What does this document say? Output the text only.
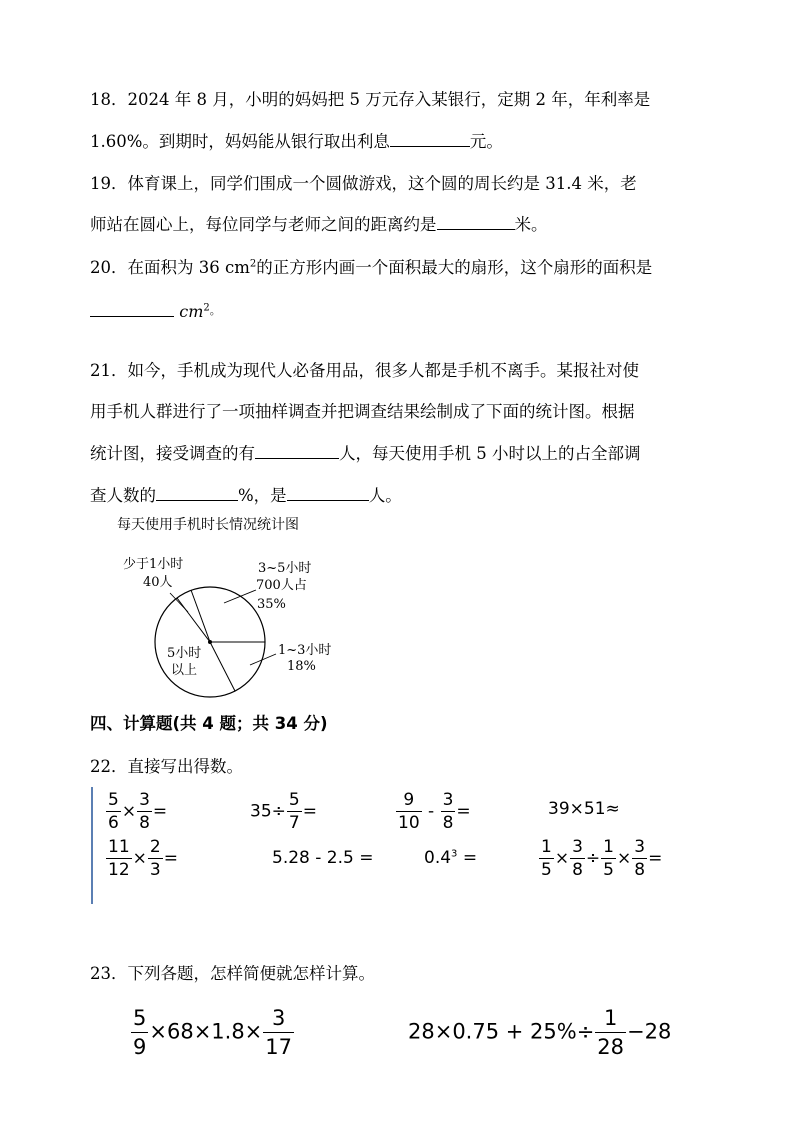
18．2024 年 8 月，小明的妈妈把 5 万元存入某银行，定期 2 年，年利率是
1.60%。到期时，妈妈能从银行取出利息	元。
19．体育课上，同学们围成一个圆做游戏，这个圆的周长约是 31.4 米，老
师站在圆心上，每位同学与老师之间的距离约是	米。
20．在面积为 36 $cm^2$的正方形内画一个面积最大的扇形，这个扇形的面积是
$cm^{2。}$
21．如今，手机成为现代人必备用品，很多人都是手机不离手。某报社对使
用手机人群进行了一项抽样调查并把调查结果绘制成了下面的统计图。根据
统计图，接受调查的有	人，每天使用手机 5 小时以上的占全部调
查人数的	%，是	人。
每天使用手机时长情况统计图
少于1小时
40人
3~5小时
700人占
35%
1~3小时
18%
5小时
以上
四、计算题(共 4 题；共 34 分)
22．直接写出得数。
$\frac{5}{6} \times \frac{3}{8}$ =	$35\div \frac{5}{7}$ =	$\frac{9}{10} - \frac{3}{8}$ =	39×51≈
$\frac{11}{12} \times \frac{2}{3}$ =	5.28 - 2.5 =	$0.4^3$ =	$\frac{1}{5} \times \frac{3}{8} \div \frac{1}{5} \times \frac{3}{8}$ =
23．下列各题，怎样简便就怎样计算。
$\frac{5}{9} \times 68\times 1.8\times \frac{3}{17}$	$28\times 0.75 + 25\%\div \frac{1}{28} -28$
